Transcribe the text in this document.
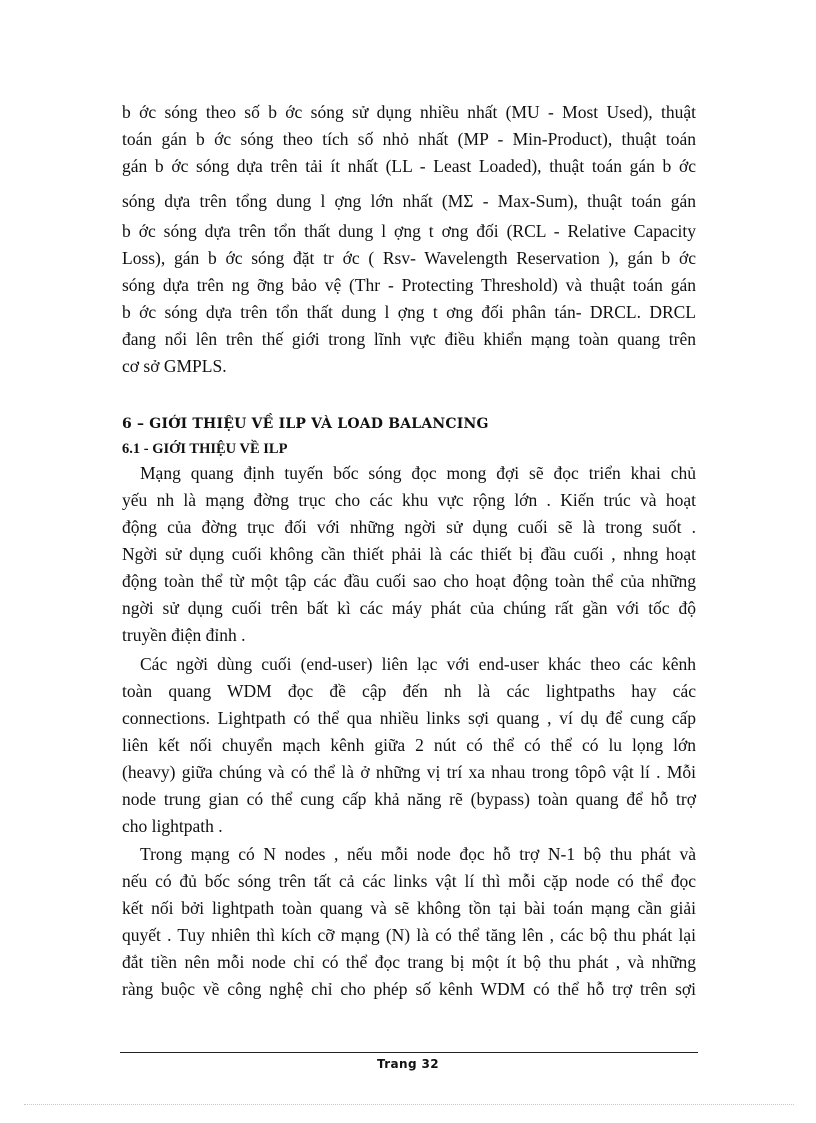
b ớc sóng theo số b ớc sóng sử dụng nhiều nhất (MU - Most Used), thuật
toán gán b ớc sóng theo tích số nhỏ nhất (MP - Min-Product), thuật toán
gán b ớc sóng dựa trên tải ít nhất (LL - Least Loaded), thuật toán gán b ớc
sóng dựa trên tổng dung l ợng lớn nhất (MΣ - Max-Sum), thuật toán gán
b ớc sóng dựa trên tổn thất dung l ợng t ơng đối (RCL - Relative Capacity
Loss), gán b ớc sóng đặt tr ớc ( Rsv- Wavelength Reservation ), gán b ớc
sóng dựa trên ng ỡng bảo vệ (Thr - Protecting Threshold) và thuật toán gán
b ớc sóng dựa trên tổn thất dung l ợng t ơng đối phân tán- DRCL. DRCL
đang nổi lên trên thế giới trong lĩnh vực điều khiển mạng toàn quang trên
cơ sở GMPLS.
6 – GIỚI THIỆU VỀ ILP VÀ LOAD BALANCING
6.1 - GIỚI THIỆU VỀ ILP
Mạng quang định tuyến bốc sóng đọc mong đợi sẽ đọc triển khai chủ
yếu nh là mạng đờng trục cho các khu vực rộng lớn . Kiến trúc và hoạt
động của đờng trục đối với những ngời sử dụng cuối sẽ là trong suốt .
Ngời sử dụng cuối không cần thiết phải là các thiết bị đầu cuối , nhng hoạt
động toàn thể từ một tập các đầu cuối sao cho hoạt động toàn thể của những
ngời sử dụng cuối trên bất kì các máy phát của chúng rất gần với tốc độ
truyền điện đỉnh .
Các ngời dùng cuối (end-user) liên lạc với end-user khác theo các kênh
toàn quang WDM đọc đề cập đến nh là các lightpaths hay các
connections. Lightpath có thể qua nhiều links sợi quang , ví dụ để cung cấp
liên kết nối chuyển mạch kênh giữa 2 nút có thể có thể có lu lọng lớn
(heavy) giữa chúng và có thể là ở những vị trí xa nhau trong tôpô vật lí . Mỗi
node trung gian có thể cung cấp khả năng rẽ (bypass) toàn quang để hỗ trợ
cho lightpath .
Trong mạng có N nodes , nếu mỗi node đọc hỗ trợ N-1 bộ thu phát và
nếu có đủ bốc sóng trên tất cả các links vật lí thì mỗi cặp node có thể đọc
kết nối bởi lightpath toàn quang và sẽ không tồn tại bài toán mạng cần giải
quyết . Tuy nhiên thì kích cỡ mạng (N) là có thể tăng lên , các bộ thu phát lại
đắt tiền nên mỗi node chỉ có thể đọc trang bị một ít bộ thu phát , và những
ràng buộc về công nghệ chỉ cho phép số kênh WDM có thể hỗ trợ trên sợi
Trang 32
